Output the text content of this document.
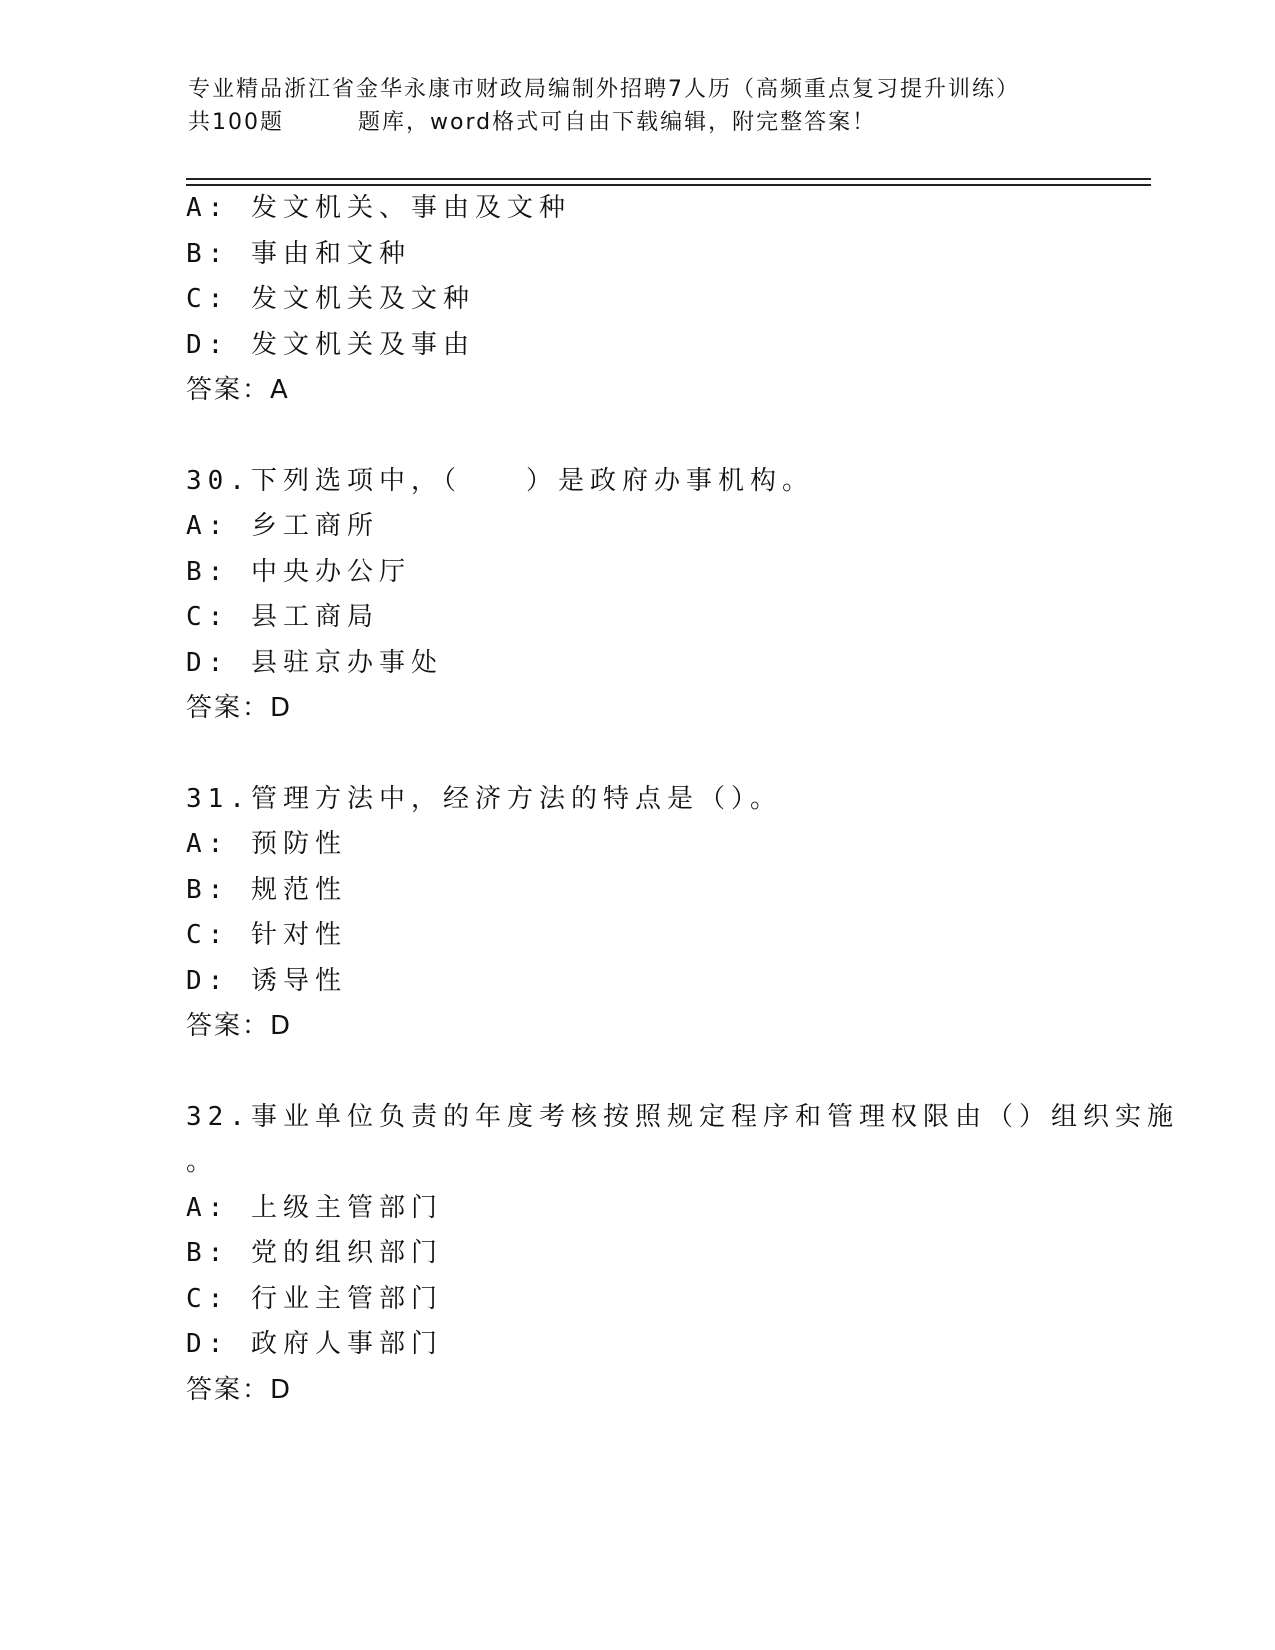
专业精品浙江省金华永康市财政局编制外招聘7人历（高频重点复习提升训练）
共100题	题库，word格式可自由下载编辑，附完整答案！
A: 发文机关、事由及文种
B: 事由和文种
C: 发文机关及文种
D: 发文机关及事由
答案：A
30.下列选项中，（　　）是政府办事机构。
A: 乡工商所
B: 中央办公厅
C: 县工商局
D: 县驻京办事处
答案：D
31.管理方法中，经济方法的特点是（）。
A: 预防性
B: 规范性
C: 针对性
D: 诱导性
答案：D
32.事业单位负责的年度考核按照规定程序和管理权限由（）组织实施
。
A: 上级主管部门
B: 党的组织部门
C: 行业主管部门
D: 政府人事部门
答案：D
